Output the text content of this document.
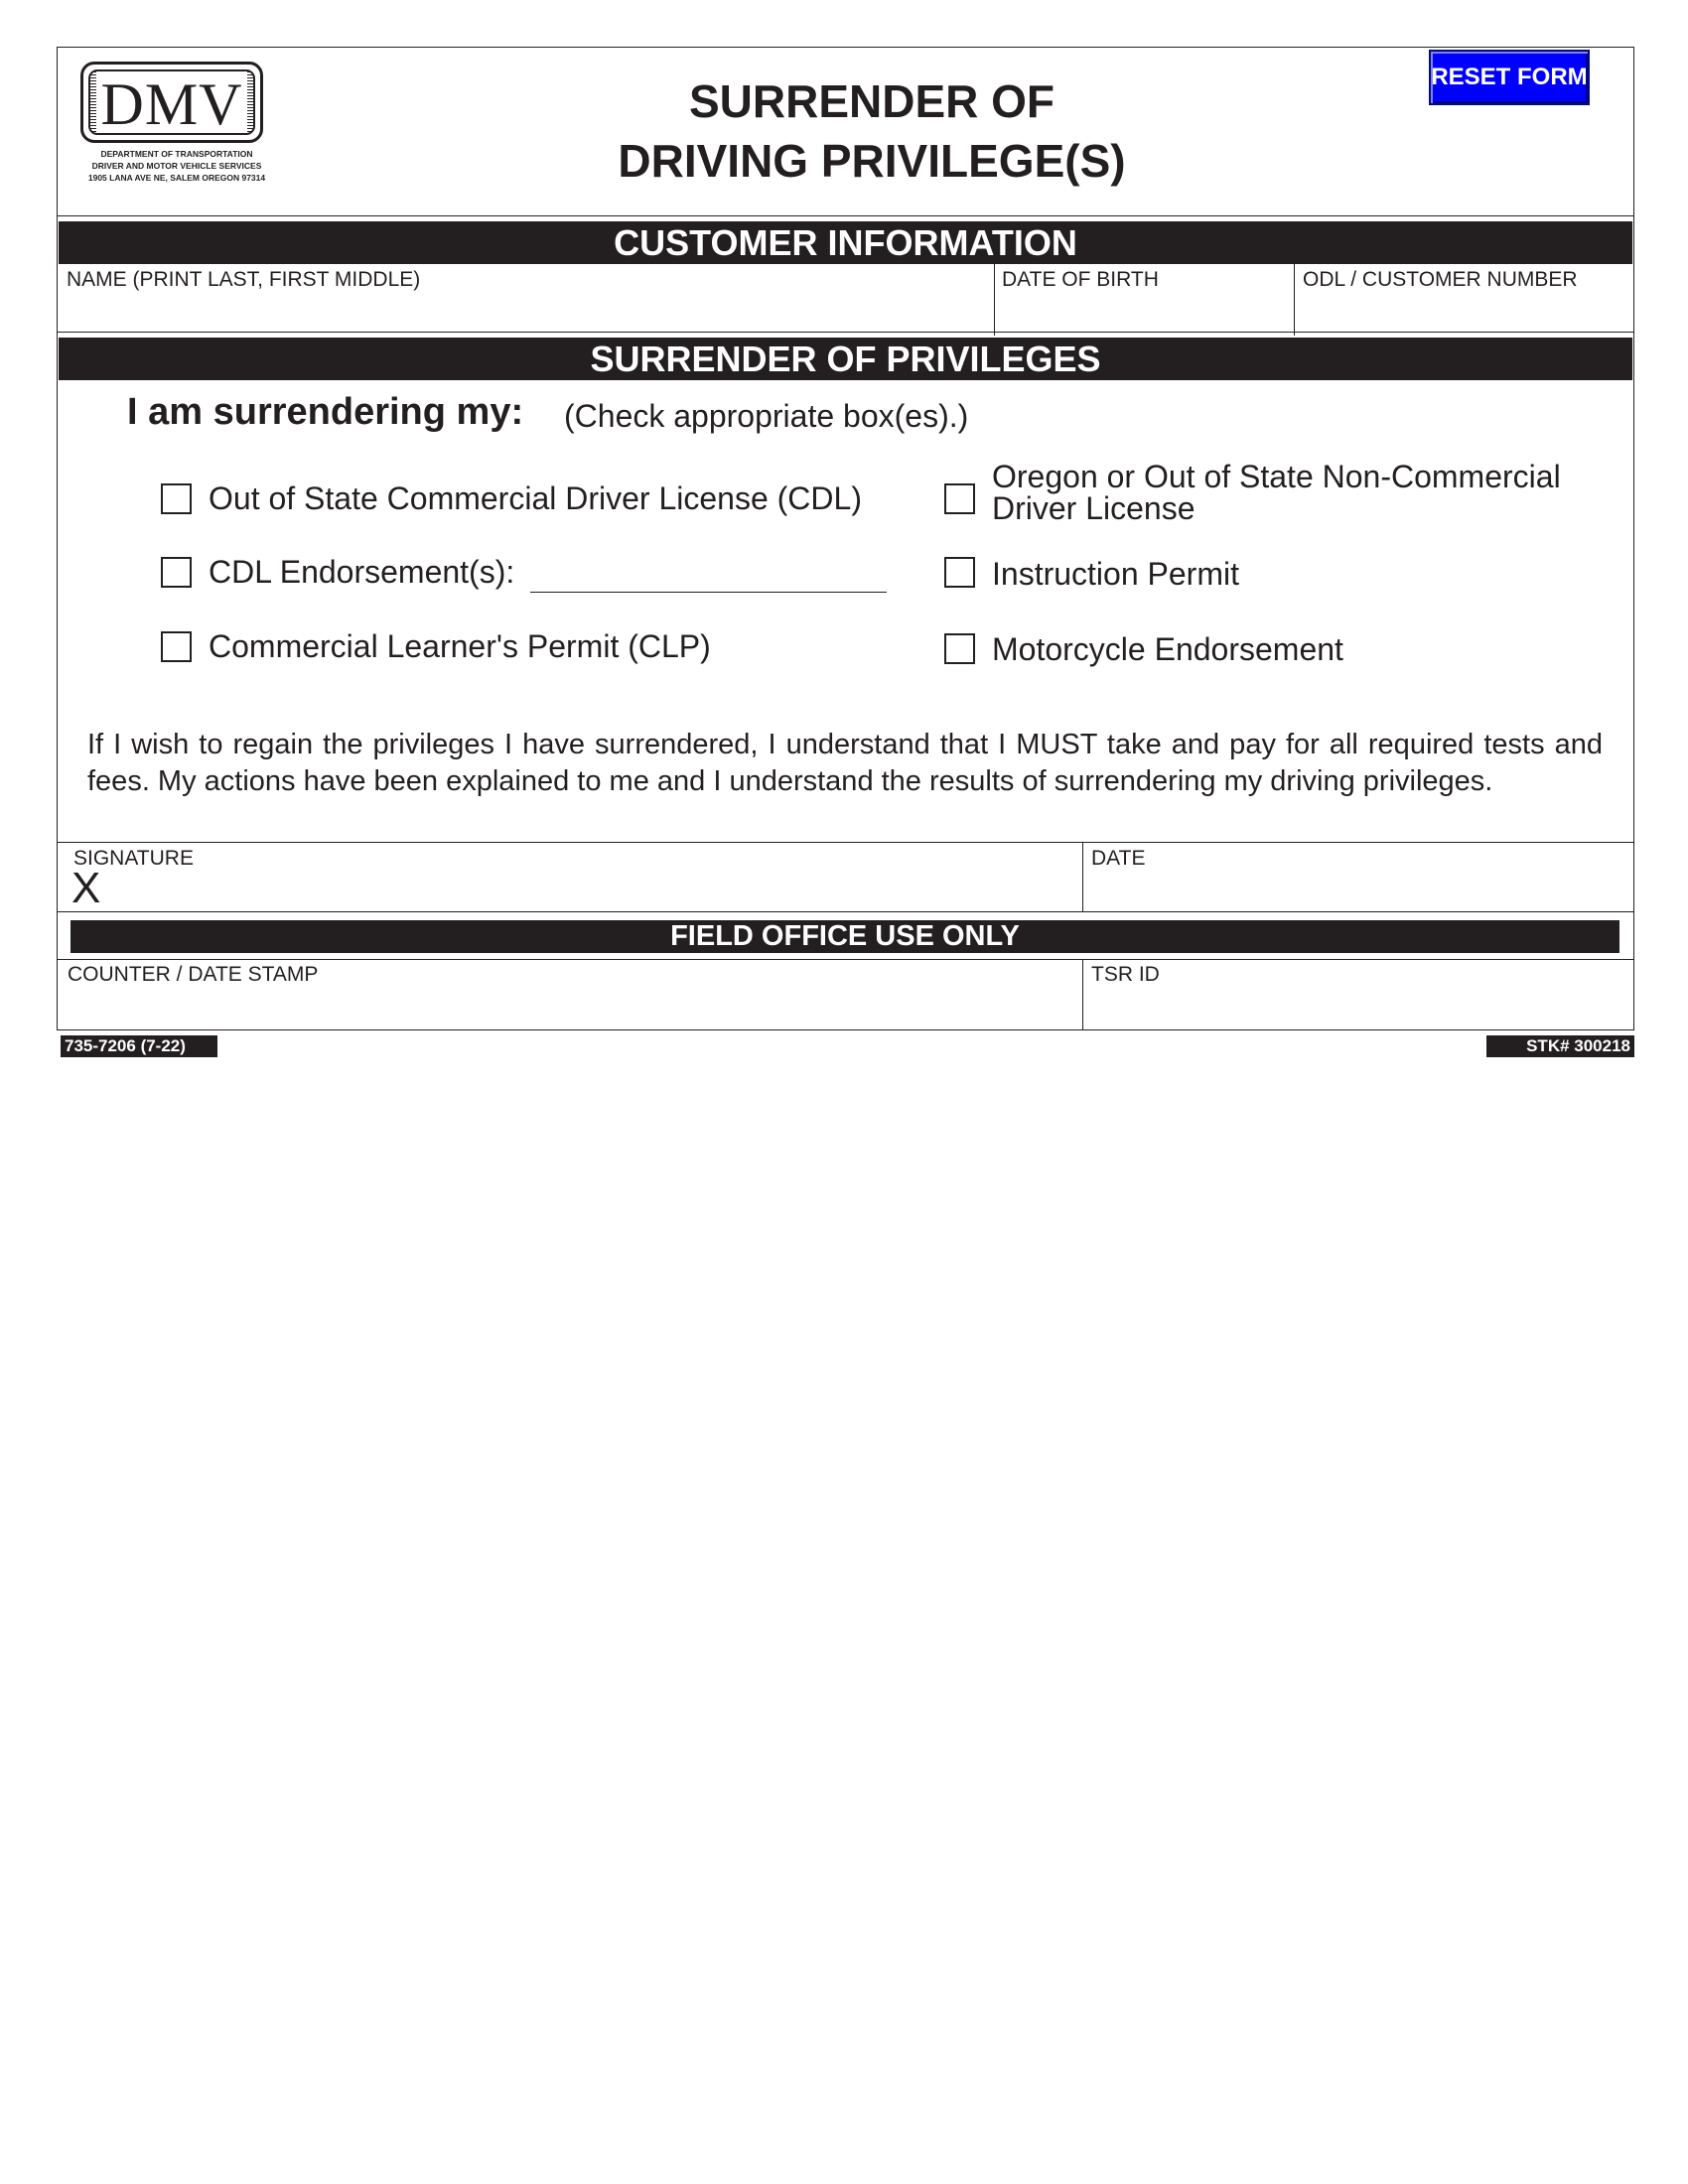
DMV
DEPARTMENT OF TRANSPORTATION
DRIVER AND MOTOR VEHICLE SERVICES
1905 LANA AVE NE, SALEM OREGON 97314
SURRENDER OF
DRIVING PRIVILEGE(S)
RESET FORM
CUSTOMER INFORMATION
NAME (PRINT LAST, FIRST MIDDLE)	DATE OF BIRTH	ODL / CUSTOMER NUMBER
SURRENDER OF PRIVILEGES
I am surrendering my: (Check appropriate box(es).)
Out of State Commercial Driver License (CDL)
CDL Endorsement(s):
Commercial Learner's Permit (CLP)
Oregon or Out of State Non-Commercial
Driver License
Instruction Permit
Motorcycle Endorsement
If I wish to regain the privileges I have surrendered, I understand that I MUST take and pay for all required tests and fees. My actions have been explained to me and I understand the results of surrendering my driving privileges.
SIGNATURE
X
DATE
FIELD OFFICE USE ONLY
COUNTER / DATE STAMP	TSR ID
735-7206 (7-22)	STK# 300218
